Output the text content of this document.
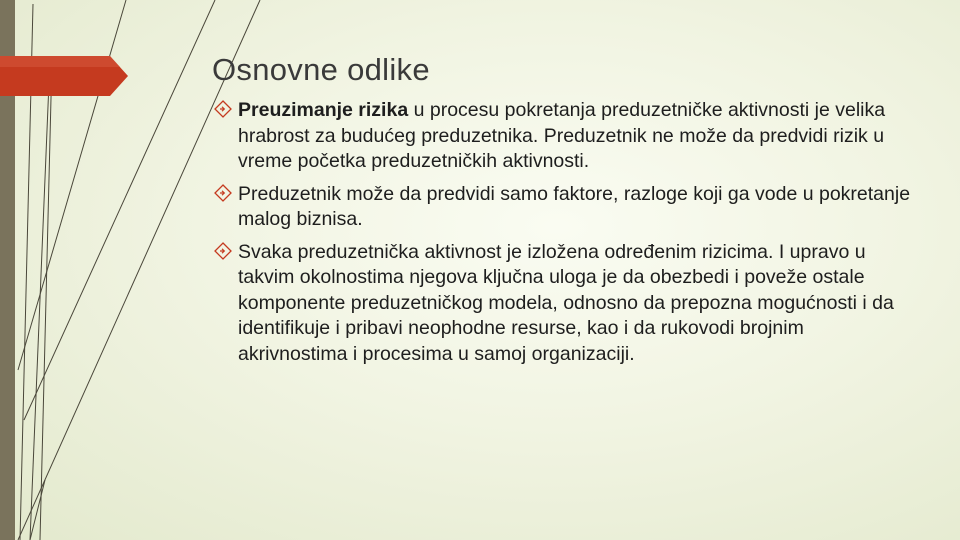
Osnovne odlike
Preuzimanje rizika u procesu pokretanja preduzetničke aktivnosti je velika hrabrost za budućeg preduzetnika. Preduzetnik ne može da predvidi rizik u vreme početka preduzetničkih aktivnosti.
Preduzetnik može da predvidi samo faktore, razloge koji ga vode u pokretanje malog biznisa.
Svaka preduzetnička aktivnost je izložena određenim rizicima. I upravo u takvim okolnostima njegova ključna uloga je da obezbedi i poveže ostale komponente preduzetničkog modela, odnosno da prepozna mogućnosti i da identifikuje i pribavi neophodne resurse, kao i da rukovodi brojnim akrivnostima i procesima u samoj organizaciji.
